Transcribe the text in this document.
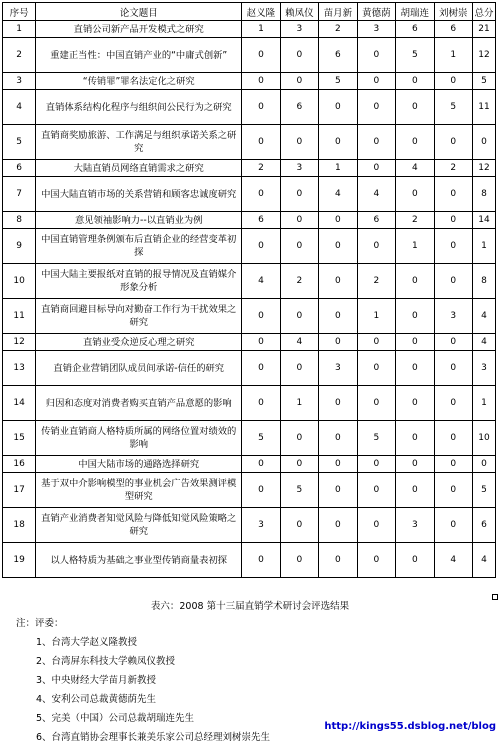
序号	论文题目	赵义隆	赖凤仪	苗月新	黄德荫	胡瑞连	刘树崇	总分
1	直销公司新产品开发模式之研究	1	3	2	3	6	6	21
2	重建正当性：中国直销产业的“中庸式创新”	0	0	6	0	5	1	12
3	“传销罪”罪名法定化之研究	0	0	5	0	0	0	5
4	直销体系结构化程序与组织间公民行为之研究	0	6	0	0	0	5	11
5	直销商奖励旅游、工作满足与组织承诺关系之研究	0	0	0	0	0	0	0
6	大陆直销员网络直销需求之研究	2	3	1	0	4	2	12
7	中国大陆直销市场的关系营销和顾客忠诚度研究	0	0	4	4	0	0	8
8	意见领袖影响力--以直销业为例	6	0	0	6	2	0	14
9	中国直销管理条例颁布后直销企业的经营变革初探	0	0	0	0	1	0	1
10	中国大陆主要报纸对直销的报导情况及直销媒介形象分析	4	2	0	2	0	0	8
11	直销商回避目标导向对勤奋工作行为干扰效果之研究	0	0	0	1	0	3	4
12	直销业受众逆反心理之研究	0	4	0	0	0	0	4
13	直销企业营销团队成员间承诺-信任的研究	0	0	3	0	0	0	3
14	归因和态度对消费者购买直销产品意愿的影响	0	1	0	0	0	0	1
15	传销业直销商人格特质所属的网络位置对绩效的影响	5	0	0	5	0	0	10
16	中国大陆市场的通路选择研究	0	0	0	0	0	0	0
17	基于双中介影响模型的事业机会广告效果测评模型研究	0	5	0	0	0	0	5
18	直销产业消费者知觉风险与降低知觉风险策略之研究	3	0	0	0	3	0	6
19	以人格特质为基础之事业型传销商量表初探	0	0	0	0	0	4	4
表六：2008 第十三届直销学术研讨会评选结果
注：评委：
1、台湾大学赵义隆教授
2、台湾屏东科技大学赖凤仪教授
3、中央财经大学苗月新教授
4、安利公司总裁黄德荫先生
5、完美（中国）公司总裁胡瑞连先生
6、台湾直销协会理事长兼美乐家公司总经理刘树崇先生
http://kings55.dsblog.net/blog
